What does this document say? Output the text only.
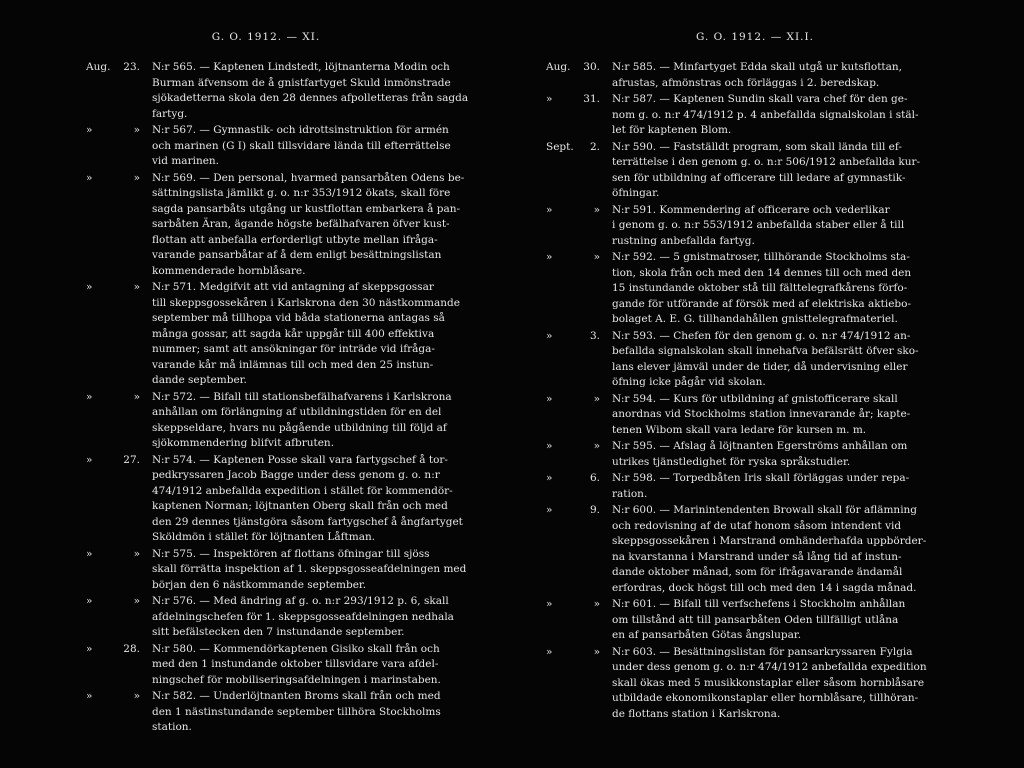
G. O. 1912. — XI.
Aug.	23.	N:r 565. — Kaptenen Lindstedt, löjtnanterna Modin och
Burman äfvensom de å gnistfartyget Skuld inmönstrade
sjökadetterna skola den 28 dennes afpolletteras från sagda
fartyg.
»	»	N:r 567. — Gymnastik- och idrottsinstruktion för armén
och marinen (G I) skall tillsvidare lända till efterrättelse
vid marinen.
»	»	N:r 569. — Den personal, hvarmed pansarbåten Odens be-
sättningslista jämlikt g. o. n:r 353/1912 ökats, skall före
sagda pansarbåts utgång ur kustflottan embarkera å pan-
sarbåten Äran, ägande högste befälhafvaren öfver kust-
flottan att anbefalla erforderligt utbyte mellan ifråga-
varande pansarbåtar af å dem enligt besättningslistan
kommenderade hornblåsare.
»	»	N:r 571. Medgifvit att vid antagning af skeppsgossar
till skeppsgossekåren i Karlskrona den 30 nästkommande
september må tillhopa vid båda stationerna antagas så
många gossar, att sagda kår uppgår till 400 effektiva
nummer; samt att ansökningar för inträde vid ifråga-
varande kår må inlämnas till och med den 25 instun-
dande september.
»	»	N:r 572. — Bifall till stationsbefälhafvarens i Karlskrona
anhållan om förlängning af utbildningstiden för en del
skeppseldare, hvars nu pågående utbildning till följd af
sjökommendering blifvit afbruten.
»	27.	N:r 574. — Kaptenen Posse skall vara fartygschef å tor-
pedkryssaren Jacob Bagge under dess genom g. o. n:r
474/1912 anbefallda expedition i stället för kommendör-
kaptenen Norman; löjtnanten Oberg skall från och med
den 29 dennes tjänstgöra såsom fartygschef å ångfartyget
Sköldmön i stället för löjtnanten Låftman.
»	»	N:r 575. — Inspektören af flottans öfningar till sjöss
skall förrätta inspektion af 1. skeppsgosseafdelningen med
början den 6 nästkommande september.
»	»	N:r 576. — Med ändring af g. o. n:r 293/1912 p. 6, skall
afdelningschefen för 1. skeppsgosseafdelningen nedhala
sitt befälstecken den 7 instundande september.
»	28.	N:r 580. — Kommendörkaptenen Gisiko skall från och
med den 1 instundande oktober tillsvidare vara afdel-
ningschef för mobiliseringsafdelningen i marinstaben.
»	»	N:r 582. — Underlöjtnanten Broms skall från och med
den 1 nästinstundande september tillhöra Stockholms
station.
G. O. 1912. — XI.I.
Aug.	30.	N:r 585. — Minfartyget Edda skall utgå ur kutsflottan,
afrustas, afmönstras och förläggas i 2. beredskap.
»	31.	N:r 587. — Kaptenen Sundin skall vara chef för den ge-
nom g. o. n:r 474/1912 p. 4 anbefallda signalskolan i stäl-
let för kaptenen Blom.
Sept.	2.	N:r 590. — Fastställdt program, som skall lända till ef-
terrättelse i den genom g. o. n:r 506/1912 anbefallda kur-
sen för utbildning af officerare till ledare af gymnastik-
öfningar.
»	»	N:r 591. Kommendering af officerare och vederlikar
i genom g. o. n:r 553/1912 anbefallda staber eller å till
rustning anbefallda fartyg.
»	»	N:r 592. — 5 gnistmatroser, tillhörande Stockholms sta-
tion, skola från och med den 14 dennes till och med den
15 instundande oktober stå till fälttelegrafkårens förfo-
gande för utförande af försök med af elektriska aktiebo-
bolaget A. E. G. tillhandahållen gnisttelegrafmateriel.
»	3.	N:r 593. — Chefen för den genom g. o. n:r 474/1912 an-
befallda signalskolan skall innehafva befälsrätt öfver sko-
lans elever jämväl under de tider, då undervisning eller
öfning icke pågår vid skolan.
»	»	N:r 594. — Kurs för utbildning af gnistofficerare skall
anordnas vid Stockholms station innevarande år; kapte-
tenen Wibom skall vara ledare för kursen m. m.
»	»	N:r 595. — Afslag å löjtnanten Egerströms anhållan om
utrikes tjänstledighet för ryska språkstudier.
»	6.	N:r 598. — Torpedbåten Iris skall förläggas under repa-
ration.
»	9.	N:r 600. — Marinintendenten Browall skall för aflämning
och redovisning af de utaf honom såsom intendent vid
skeppsgossekåren i Marstrand omhänderhafda uppbörder-
na kvarstanna i Marstrand under så lång tid af instun-
dande oktober månad, som för ifrågavarande ändamål
erfordras, dock högst till och med den 14 i sagda månad.
»	»	N:r 601. — Bifall till verfschefens i Stockholm anhållan
om tillstånd att till pansarbåten Oden tillfälligt utlåna
en af pansarbåten Götas ångslupar.
»	»	N:r 603. — Besättningslistan för pansarkryssaren Fylgia
under dess genom g. o. n:r 474/1912 anbefallda expedition
skall ökas med 5 musikkonstaplar eller såsom hornblåsare
utbildade ekonomikonstaplar eller hornblåsare, tillhöran-
de flottans station i Karlskrona.
